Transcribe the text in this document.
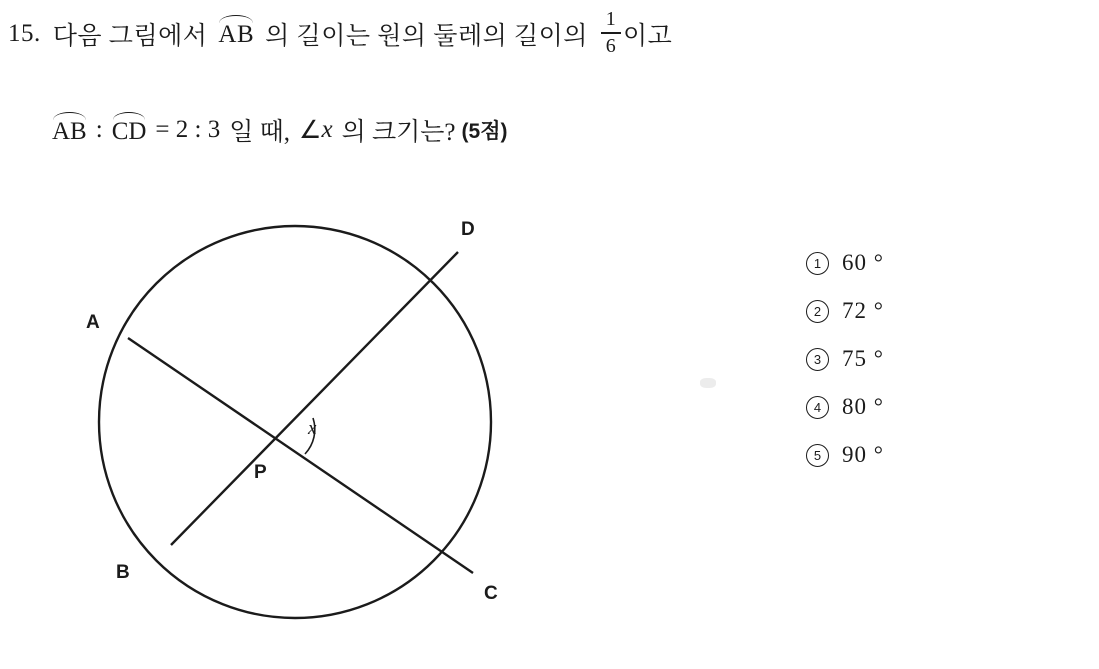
15. 다음 그림에서 AB 의 길이는 원의 둘레의 길이의 $\frac{1}{6}$ 이고
AB : CD = 2 : 3 일 때, ∠ x 의 크기는? (5점)
A
B
C
D
P
x
1 60 °
2 72 °
3 75 °
4 80 °
5 90 °
